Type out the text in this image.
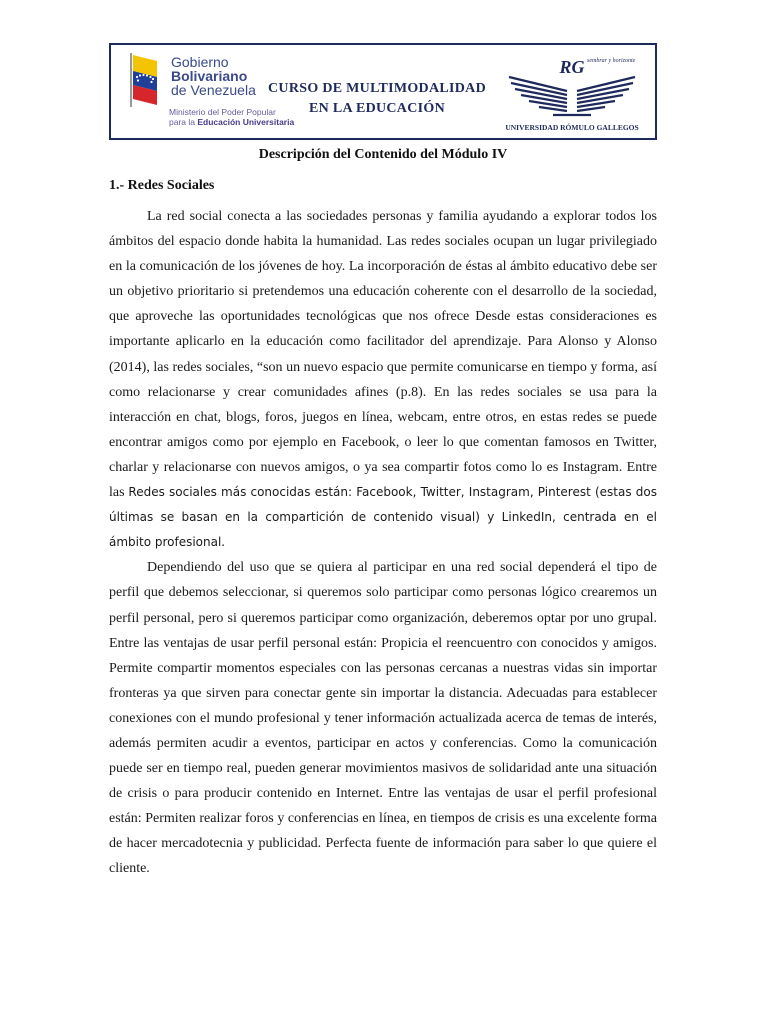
Gobierno
Bolivariano
de Venezuela
Ministerio del Poder Popular
para la Educación Universitaria
CURSO DE MULTIMODALIDAD
EN LA EDUCACIÓN
RG sembrar y horizonte
UNIVERSIDAD RÓMULO GALLEGOS
Descripción del Contenido del Módulo IV
1.- Redes Sociales

La red social conecta a las sociedades personas y familia ayudando a explorar todos los ámbitos del espacio donde habita la humanidad. Las redes sociales ocupan un lugar privilegiado en la comunicación de los jóvenes de hoy. La incorporación de éstas al ámbito educativo debe ser un objetivo prioritario si pretendemos una educación coherente con el desarrollo de la sociedad, que aproveche las oportunidades tecnológicas que nos ofrece Desde estas consideraciones es importante aplicarlo en la educación como facilitador del aprendizaje. Para Alonso y Alonso (2014), las redes sociales, “son un nuevo espacio que permite comunicarse en tiempo y forma, así como relacionarse y crear comunidades afines (p.8). En las redes sociales se usa para la interacción en chat, blogs, foros, juegos en línea, webcam, entre otros, en estas redes se puede encontrar amigos como por ejemplo en Facebook, o leer lo que comentan famosos en Twitter, charlar y relacionarse con nuevos amigos, o ya sea compartir fotos como lo es Instagram. Entre las Redes sociales más conocidas están: Facebook, Twitter, Instagram, Pinterest (estas dos últimas se basan en la compartición de contenido visual) y LinkedIn, centrada en el ámbito profesional.

Dependiendo del uso que se quiera al participar en una red social dependerá el tipo de perfil que debemos seleccionar, si queremos solo participar como personas lógico crearemos un perfil personal, pero si queremos participar como organización, deberemos optar por uno grupal. Entre las ventajas de usar perfil personal están: Propicia el reencuentro con conocidos y amigos. Permite compartir momentos especiales con las personas cercanas a nuestras vidas sin importar fronteras ya que sirven para conectar gente sin importar la distancia. Adecuadas para establecer conexiones con el mundo profesional y tener información actualizada acerca de temas de interés, además permiten acudir a eventos, participar en actos y conferencias. Como la comunicación puede ser en tiempo real, pueden generar movimientos masivos de solidaridad ante una situación de crisis o para producir contenido en Internet. Entre las ventajas de usar el perfil profesional están: Permiten realizar foros y conferencias en línea, en tiempos de crisis es una excelente forma de hacer mercadotecnia y publicidad. Perfecta fuente de información para saber lo que quiere el cliente.
